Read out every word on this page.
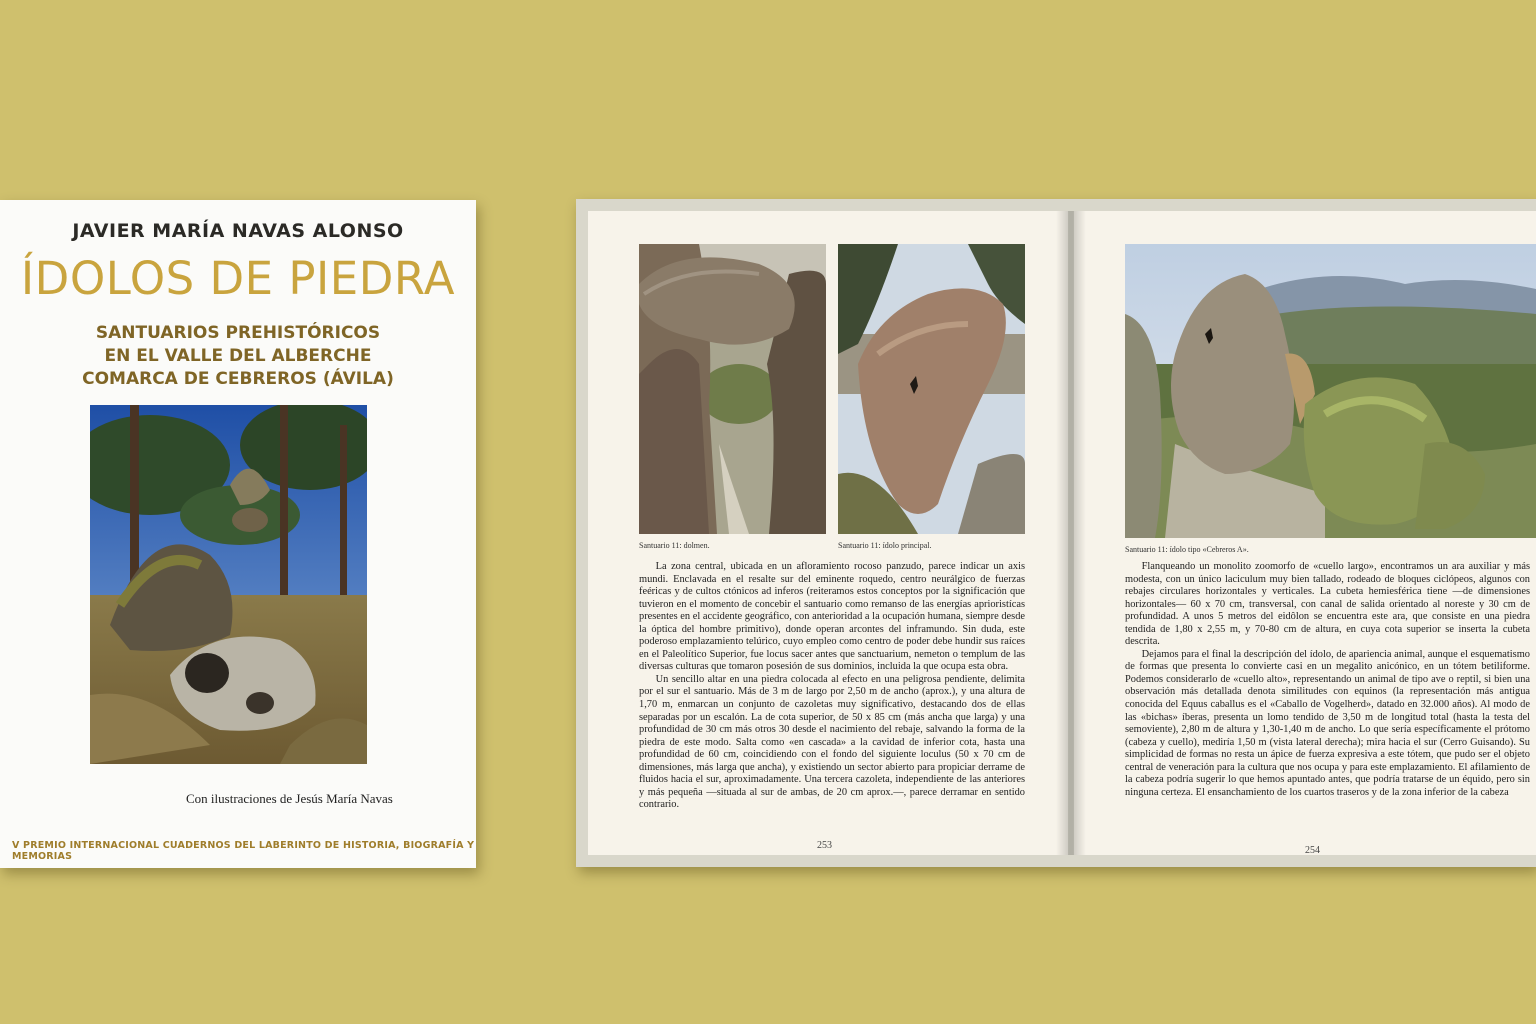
JAVIER MARÍA NAVAS ALONSO
ÍDOLOS DE PIEDRA
SANTUARIOS PREHISTÓRICOS
EN EL VALLE DEL ALBERCHE
COMARCA DE CEBREROS (ÁVILA)
Con ilustraciones de Jesús María Navas
V PREMIO INTERNACIONAL CUADERNOS DEL LABERINTO DE HISTORIA, BIOGRAFÍA Y MEMORIAS
Santuario 11: dolmen.	Santuario 11: ídolo principal.

La zona central, ubicada en un afloramiento rocoso panzudo, parece indicar un axis mundi. Enclavada en el resalte sur del eminente roquedo, centro neurálgico de fuerzas feéricas y de cultos ctónicos ad inferos (reiteramos estos conceptos por la significación que tuvieron en el momento de concebir el santuario como remanso de las energías aprioristícas presentes en el accidente geográfico, con anterioridad a la ocupación humana, siempre desde la óptica del hombre primitivo), donde operan arcontes del inframundo. Sin duda, este poderoso emplazamiento telúrico, cuyo empleo como centro de poder debe hundir sus raíces en el Paleolítico Superior, fue locus sacer antes que sanctuarium, nemeton o templum de las diversas culturas que tomaron posesión de sus dominios, incluida la que ocupa esta obra.

Un sencillo altar en una piedra colocada al efecto en una peligrosa pendiente, delimita por el sur el santuario. Más de 3 m de largo por 2,50 m de ancho (aprox.), y una altura de 1,70 m, enmarcan un conjunto de cazoletas muy significativo, destacando dos de ellas separadas por un escalón. La de cota superior, de 50 x 85 cm (más ancha que larga) y una profundidad de 30 cm más otros 30 desde el nacimiento del rebaje, salvando la forma de la piedra de este modo. Salta como «en cascada» a la cavidad de inferior cota, hasta una profundidad de 60 cm, coincidiendo con el fondo del siguiente loculus (50 x 70 cm de dimensiones, más larga que ancha), y existiendo un sector abierto para propiciar derrame de fluidos hacia el sur, aproximadamente. Una tercera cazoleta, independiente de las anteriores y más pequeña —situada al sur de ambas, de 20 cm aprox.—, parece derramar en sentido contrario.

253
Santuario 11: ídolo tipo «Cebreros A».

Flanqueando un monolito zoomorfo de «cuello largo», encontramos un ara auxiliar y más modesta, con un único laciculum muy bien tallado, rodeado de bloques ciclópeos, algunos con rebajes circulares horizontales y verticales. La cubeta hemiesférica tiene —de dimensiones horizontales— 60 x 70 cm, transversal, con canal de salida orientado al noreste y 30 cm de profundidad. A unos 5 metros del eidôlon se encuentra este ara, que consiste en una piedra tendida de 1,80 x 2,55 m, y 70-80 cm de altura, en cuya cota superior se inserta la cubeta descrita.

Dejamos para el final la descripción del ídolo, de apariencia animal, aunque el esquematismo de formas que presenta lo convierte casi en un megalito anicónico, en un tótem betiliforme. Podemos considerarlo de «cuello alto», representando un animal de tipo ave o reptil, si bien una observación más detallada denota similitudes con equinos (la representación más antigua conocida del Equus caballus es el «Caballo de Vogelherd», datado en 32.000 años). Al modo de las «bichas» íberas, presenta un lomo tendido de 3,50 m de longitud total (hasta la testa del semoviente), 2,80 m de altura y 1,30-1,40 m de ancho. Lo que sería específicamente el prótomo (cabeza y cuello), mediría 1,50 m (vista lateral derecha); mira hacia el sur (Cerro Guisando). Su simplicidad de formas no resta un ápice de fuerza expresiva a este tótem, que pudo ser el objeto central de veneración para la cultura que nos ocupa y para este emplazamiento. El afilamiento de la cabeza podría sugerir lo que hemos apuntado antes, que podría tratarse de un équido, pero sin ninguna certeza. El ensanchamiento de los cuartos traseros y de la zona inferior de la cabeza

254
